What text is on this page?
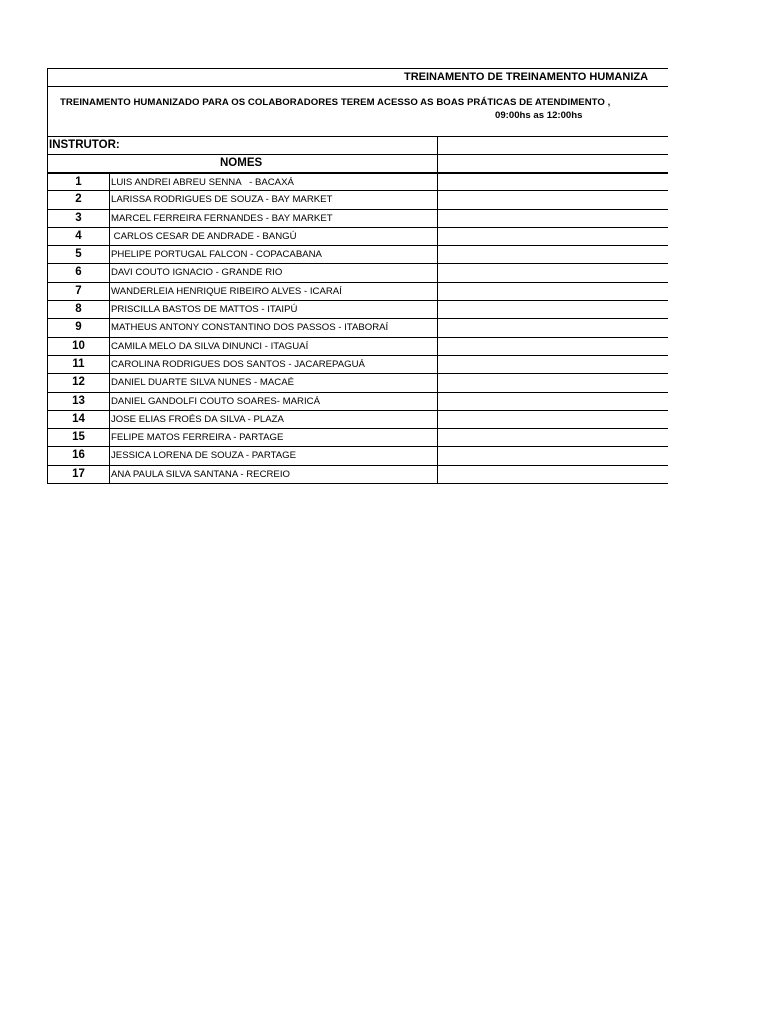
TREINAMENTO DE TREINAMENTO HUMANIZA
TREINAMENTO HUMANIZADO PARA OS COLABORADORES TEREM ACESSO AS BOAS PRÁTICAS DE ATENDIMENTO ,
09:00hs as 12:00hs
INSTRUTOR:
NOMES
1	LUIS ANDREI ABREU SENNA   - BACAXÁ
2	LARISSA RODRIGUES DE SOUZA - BAY MARKET
3	MARCEL FERREIRA FERNANDES - BAY MARKET
4	CARLOS CESAR DE ANDRADE - BANGÚ
5	PHELIPE PORTUGAL FALCON - COPACABANA
6	DAVI COUTO IGNACIO - GRANDE RIO
7	WANDERLEIA HENRIQUE RIBEIRO ALVES - ICARAÍ
8	PRISCILLA BASTOS DE MATTOS - ITAIPÚ
9	MATHEUS ANTONY CONSTANTINO DOS PASSOS - ITABORAÍ
10	CAMILA MELO DA SILVA DINUNCI - ITAGUAÍ
11	CAROLINA RODRIGUES DOS SANTOS - JACAREPAGUÁ
12	DANIEL DUARTE SILVA NUNES - MACAÉ
13	DANIEL GANDOLFI COUTO SOARES- MARICÁ
14	JOSE ELIAS FROÉS DA SILVA - PLAZA
15	FELIPE MATOS FERREIRA - PARTAGE
16	JESSICA LORENA DE SOUZA - PARTAGE
17	ANA PAULA SILVA SANTANA - RECREIO
